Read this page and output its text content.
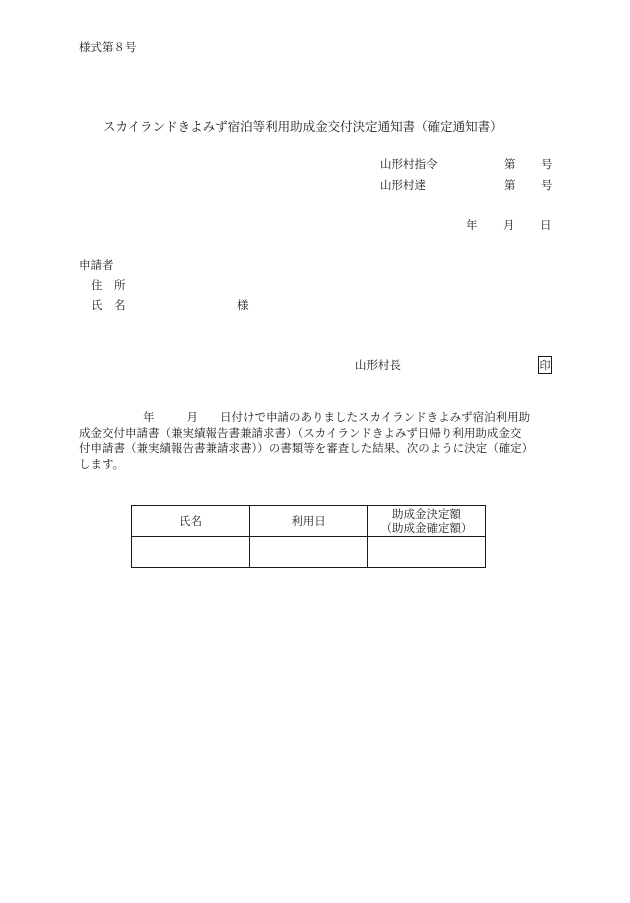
様式第８号
スカイランドきよみず宿泊等利用助成金交付決定通知書（確定通知書）
山形村指令	第 号
山形村達	第 号
年 月 日
申請者
住　所
氏　名	様
山形村長	印
年	月 日付けで申請のありましたスカイランドきよみず宿泊利用助
成金交付申請書（兼実績報告書兼請求書）（スカイランドきよみず日帰り利用助成金交
付申請書（兼実績報告書兼請求書））の書類等を審査した結果、次のように決定（確定）
します。
氏名	利用日	助成金決定額
（助成金確定額）
